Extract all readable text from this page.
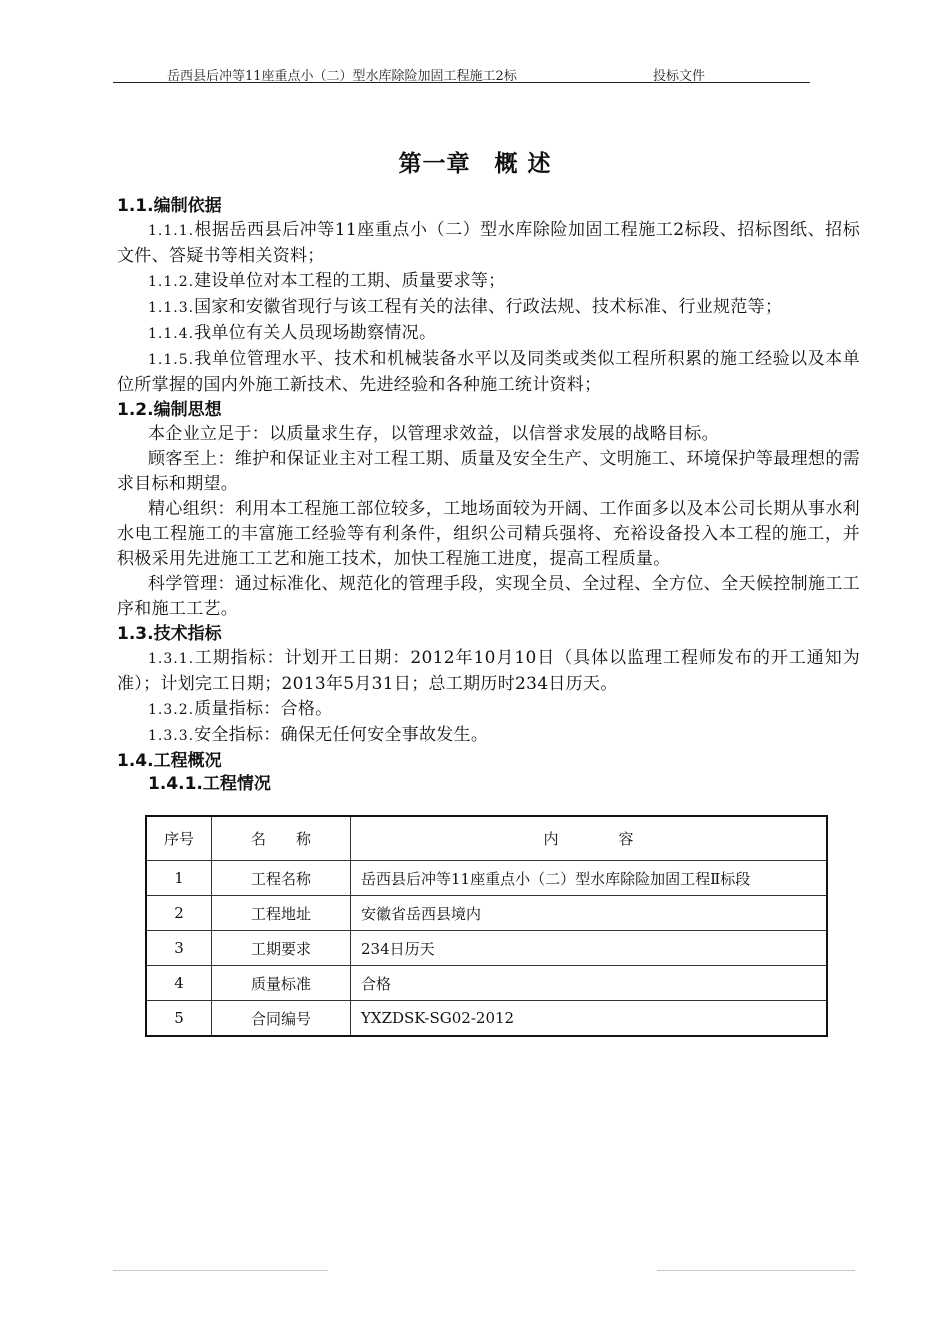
岳西县后冲等11座重点小（二）型水库除险加固工程施工2标	投标文件
第一章　概 述
1.1.编制依据

1.1.1.根据岳西县后冲等11座重点小（二）型水库除险加固工程施工2标段、招标图纸、招标文件、答疑书等相关资料；

1.1.2.建设单位对本工程的工期、质量要求等；

1.1.3.国家和安徽省现行与该工程有关的法律、行政法规、技术标准、行业规范等；

1.1.4.我单位有关人员现场勘察情况。

1.1.5.我单位管理水平、技术和机械装备水平以及同类或类似工程所积累的施工经验以及本单位所掌握的国内外施工新技术、先进经验和各种施工统计资料；

1.2.编制思想

本企业立足于：以质量求生存，以管理求效益，以信誉求发展的战略目标。

顾客至上：维护和保证业主对工程工期、质量及安全生产、文明施工、环境保护等最理想的需求目标和期望。

精心组织：利用本工程施工部位较多，工地场面较为开阔、工作面多以及本公司长期从事水利水电工程施工的丰富施工经验等有利条件，组织公司精兵强将、充裕设备投入本工程的施工，并积极采用先进施工工艺和施工技术，加快工程施工进度，提高工程质量。

科学管理：通过标准化、规范化的管理手段，实现全员、全过程、全方位、全天候控制施工工序和施工工艺。

1.3.技术指标

1.3.1.工期指标：计划开工日期：2012年10月10日（具体以监理工程师发布的开工通知为准）；计划完工日期；2013年5月31日；总工期历时234日历天。

1.3.2.质量指标：合格。

1.3.3.安全指标：确保无任何安全事故发生。

1.4.工程概况
1.4.1.工程情况
序号	名　　称	内　　　　容
1	工程名称	岳西县后冲等11座重点小（二）型水库除险加固工程Ⅱ标段
2	工程地址	安徽省岳西县境内
3	工期要求	234日历天
4	质量标准	合格
5	合同编号	YXZDSK-SG02-2012
